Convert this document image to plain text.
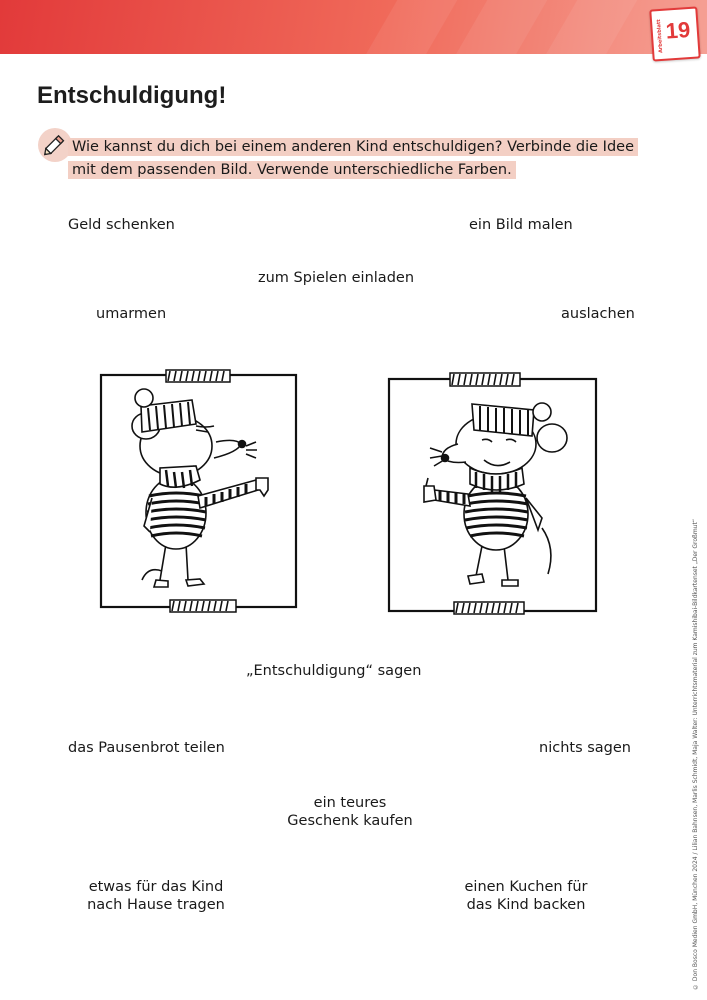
Arbeitsblatt 19
Entschuldigung!
Wie kannst du dich bei einem anderen Kind entschuldigen? Verbinde die Idee
mit dem passenden Bild. Verwende unterschiedliche Farben.
Geld schenken	ein Bild malen
zum Spielen einladen
umarmen	auslachen
„Entschuldigung“ sagen
das Pausenbrot teilen	nichts sagen
ein teures
Geschenk kaufen
etwas für das Kind
nach Hause tragen
einen Kuchen für
das Kind backen	© Don Bosco Medien GmbH, München 2024 / Lilian Bahnsen, Marlis Schmidt, Maja Walter: Unterrichtsmaterial zum Kamishibai-Bildkartenset „Der Großmut“
